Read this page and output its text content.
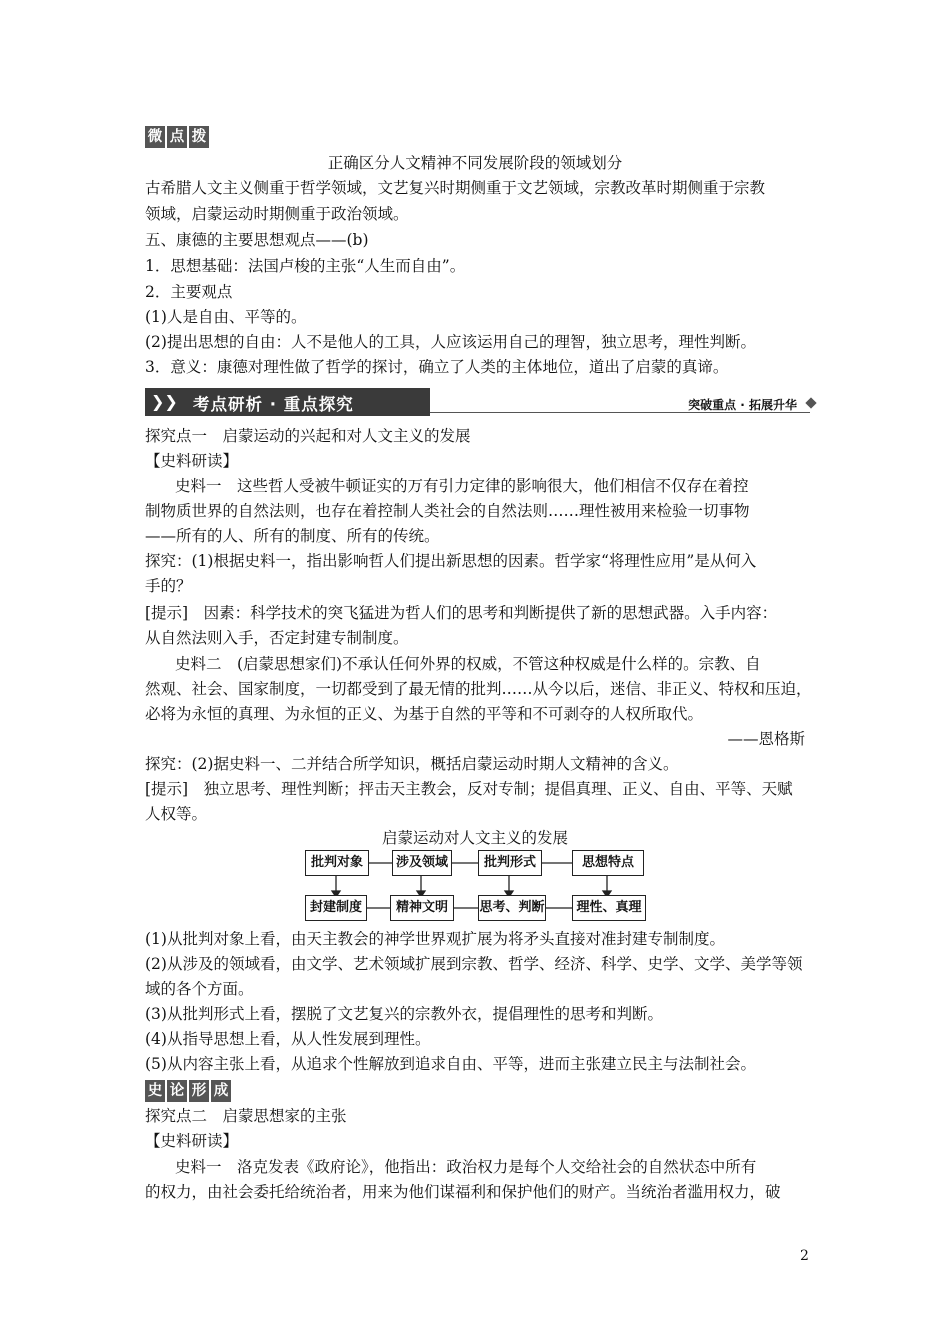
微 点 拨
正确区分人文精神不同发展阶段的领域划分
古希腊人文主义侧重于哲学领域，文艺复兴时期侧重于文艺领域，宗教改革时期侧重于宗教
领域，启蒙运动时期侧重于政治领域。
五、康德的主要思想观点——(b)
1．思想基础：法国卢梭的主张“人生而自由”。
2．主要观点
(1)人是自由、平等的。
(2)提出思想的自由：人不是他人的工具，人应该运用自己的理智，独立思考，理性判断。
3．意义：康德对理性做了哲学的探讨，确立了人类的主体地位，道出了启蒙的真谛。
❯❯ 考点研析 · 重点探究	突破重点 · 拓展升华
探究点一　启蒙运动的兴起和对人文主义的发展
【史料研读】
史料一　这些哲人受被牛顿证实的万有引力定律的影响很大，他们相信不仅存在着控
制物质世界的自然法则，也存在着控制人类社会的自然法则……理性被用来检验一切事物
——所有的人、所有的制度、所有的传统。
探究：(1)根据史料一，指出影响哲人们提出新思想的因素。哲学家“将理性应用”是从何入
手的？
[提示]　因素：科学技术的突飞猛进为哲人们的思考和判断提供了新的思想武器。入手内容：
从自然法则入手，否定封建专制制度。
史料二　(启蒙思想家们)不承认任何外界的权威，不管这种权威是什么样的。宗教、自
然观、社会、国家制度，一切都受到了最无情的批判……从今以后，迷信、非正义、特权和压迫，
必将为永恒的真理、为永恒的正义、为基于自然的平等和不可剥夺的人权所取代。
——恩格斯
探究：(2)据史料一、二并结合所学知识，概括启蒙运动时期人文精神的含义。
[提示]　独立思考、理性判断；抨击天主教会，反对专制；提倡真理、正义、自由、平等、天赋
人权等。
启蒙运动对人文主义的发展
批判对象	涉及领域	批判形式	思想特点
封建制度	精神文明	思考、判断	理性、真理
(1)从批判对象上看，由天主教会的神学世界观扩展为将矛头直接对准封建专制制度。
(2)从涉及的领域看，由文学、艺术领域扩展到宗教、哲学、经济、科学、史学、文学、美学等领
域的各个方面。
(3)从批判形式上看，摆脱了文艺复兴的宗教外衣，提倡理性的思考和判断。
(4)从指导思想上看，从人性发展到理性。
(5)从内容主张上看，从追求个性解放到追求自由、平等，进而主张建立民主与法制社会。
史 论 形 成
探究点二　启蒙思想家的主张
【史料研读】
史料一　洛克发表《政府论》，他指出：政治权力是每个人交给社会的自然状态中所有
的权力，由社会委托给统治者，用来为他们谋福利和保护他们的财产。当统治者滥用权力，破
2
